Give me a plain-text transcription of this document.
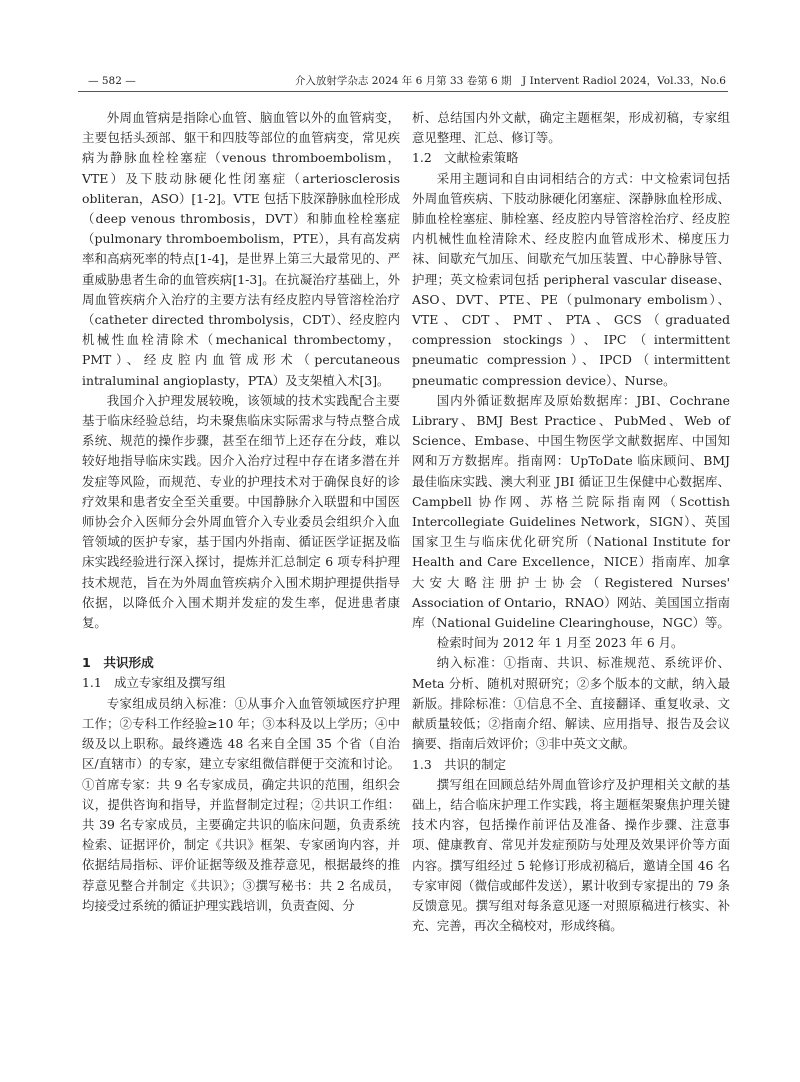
— 582 —	介入放射学杂志 2024 年 6 月第 33 卷第 6 期　J Intervent Radiol 2024，Vol.33，No.6

外周血管病是指除心血管、脑血管以外的血管病变，主要包括头颈部、躯干和四肢等部位的血管病变，常见疾病为静脉血栓栓塞症（venous thromboembolism，VTE）及下肢动脉硬化性闭塞症（arteriosclerosis obliteran，ASO）[1-2]。VTE 包括下肢深静脉血栓形成（deep venous thrombosis，DVT）和肺血栓栓塞症（pulmonary thromboembolism，PTE），具有高发病率和高病死率的特点[1-4]，是世界上第三大最常见的、严重威胁患者生命的血管疾病[1-3]。在抗凝治疗基础上，外周血管疾病介入治疗的主要方法有经皮腔内导管溶栓治疗（catheter directed thrombolysis，CDT）、经皮腔内机械性血栓清除术（mechanical thrombectomy，PMT）、经皮腔内血管成形术（percutaneous intraluminal angioplasty，PTA）及支架植入术[3]。

我国介入护理发展较晚，该领域的技术实践配合主要基于临床经验总结，均未聚焦临床实际需求与特点整合成系统、规范的操作步骤，甚至在细节上还存在分歧，难以较好地指导临床实践。因介入治疗过程中存在诸多潜在并发症等风险，而规范、专业的护理技术对于确保良好的诊疗效果和患者安全至关重要。中国静脉介入联盟和中国医师协会介入医师分会外周血管介入专业委员会组织介入血管领域的医护专家，基于国内外指南、循证医学证据及临床实践经验进行深入探讨，提炼并汇总制定 6 项专科护理技术规范，旨在为外周血管疾病介入围术期护理提供指导依据，以降低介入围术期并发症的发生率，促进患者康复。

1　共识形成
1.1　成立专家组及撰写组

专家组成员纳入标准：①从事介入血管领域医疗护理工作；②专科工作经验≥10 年；③本科及以上学历；④中级及以上职称。最终遴选 48 名来自全国 35 个省（自治区/直辖市）的专家，建立专家组微信群便于交流和讨论。①首席专家：共 9 名专家成员，确定共识的范围，组织会议，提供咨询和指导，并监督制定过程；②共识工作组：共 39 名专家成员，主要确定共识的临床问题，负责系统检索、证据评价，制定《共识》框架、专家函询内容，并依据结局指标、评价证据等级及推荐意见，根据最终的推荐意见整合并制定《共识》；③撰写秘书：共 2 名成员，均接受过系统的循证护理实践培训，负责查阅、分

析、总结国内外文献，确定主题框架，形成初稿，专家组意见整理、汇总、修订等。

1.2　文献检索策略

采用主题词和自由词相结合的方式：中文检索词包括外周血管疾病、下肢动脉硬化闭塞症、深静脉血栓形成、肺血栓栓塞症、肺栓塞、经皮腔内导管溶栓治疗、经皮腔内机械性血栓清除术、经皮腔内血管成形术、梯度压力袜、间歇充气加压、间歇充气加压装置、中心静脉导管、护理；英文检索词包括 peripheral vascular disease、ASO、DVT、PTE、PE（pulmonary embolism）、VTE、CDT、PMT、PTA、GCS（graduated compression stockings）、IPC（intermittent pneumatic compression）、IPCD（intermittent pneumatic compression device）、Nurse。

国内外循证数据库及原始数据库：JBI、Cochrane Library、BMJ Best Practice、PubMed、Web of Science、Embase、中国生物医学文献数据库、中国知网和万方数据库。指南网：UpToDate 临床顾问、BMJ 最佳临床实践、澳大利亚 JBI 循证卫生保健中心数据库、Campbell 协作网、苏格兰院际指南网（Scottish Intercollegiate Guidelines Network，SIGN）、英国国家卫生与临床优化研究所（National Institute for Health and Care Excellence，NICE）指南库、加拿大安大略注册护士协会（Registered Nurses' Association of Ontario，RNAO）网站、美国国立指南库（National Guideline Clearinghouse，NGC）等。

检索时间为 2012 年 1 月至 2023 年 6 月。

纳入标准：①指南、共识、标准规范、系统评价、Meta 分析、随机对照研究；②多个版本的文献，纳入最新版。排除标准：①信息不全、直接翻译、重复收录、文献质量较低；②指南介绍、解读、应用指导、报告及会议摘要、指南后效评价；③非中英文文献。

1.3　共识的制定

撰写组在回顾总结外周血管诊疗及护理相关文献的基础上，结合临床护理工作实践，将主题框架聚焦护理关键技术内容，包括操作前评估及准备、操作步骤、注意事项、健康教育、常见并发症预防与处理及效果评价等方面内容。撰写组经过 5 轮修订形成初稿后，邀请全国 46 名专家审阅（微信或邮件发送），累计收到专家提出的 79 条反馈意见。撰写组对每条意见逐一对照原稿进行核实、补充、完善，再次全稿校对，形成终稿。
